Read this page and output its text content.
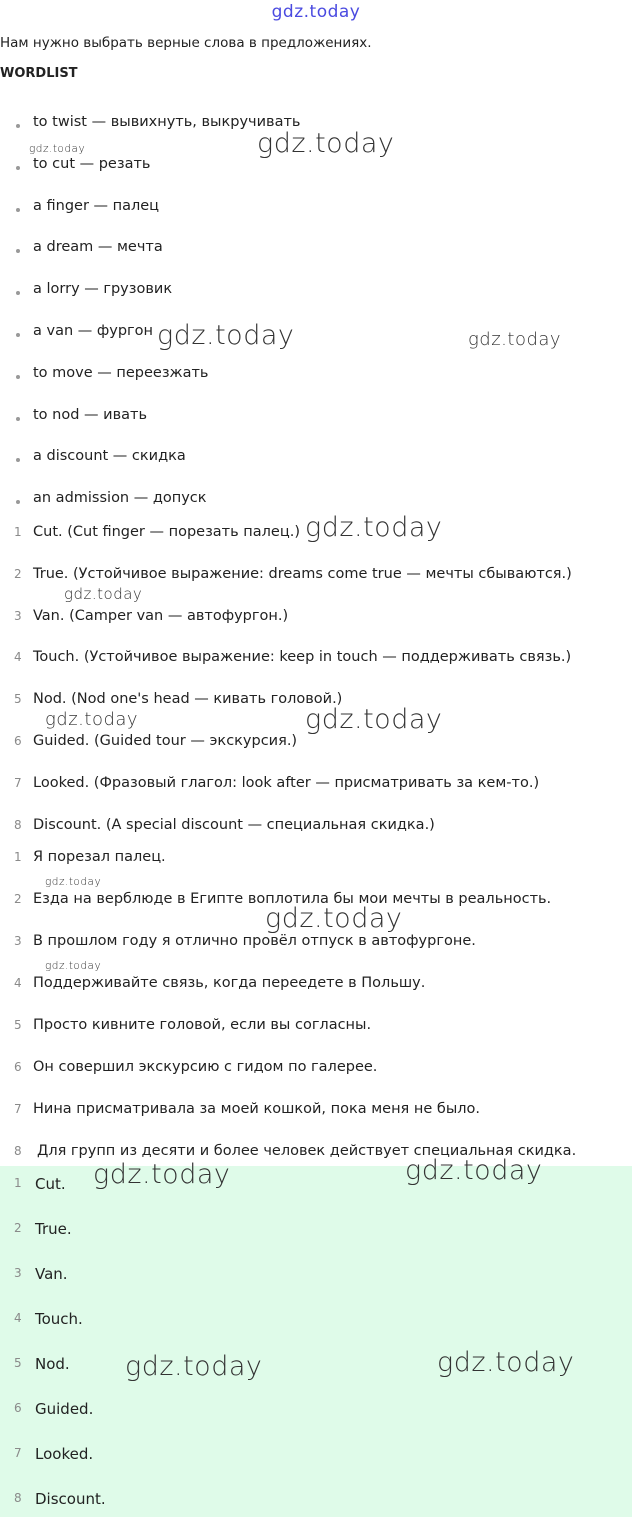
gdz.today
Нам нужно выбрать верные слова в предложениях.
WORDLIST
to twist — вывихнуть, выкручивать
to cut — резать
a finger — палец
a dream — мечта
a lorry — грузовик
a van — фургон
to move — переезжать
to nod — ивать
a discount — скидка
an admission — допуск
1 Cut. (Cut finger — порезать палец.)
2 True. (Устойчивое выражение: dreams come true — мечты сбываются.)
3 Van. (Camper van — автофургон.)
4 Touch. (Устойчивое выражение: keep in touch — поддерживать связь.)
5 Nod. (Nod one's head — кивать головой.)
6 Guided. (Guided tour — экскурсия.)
7 Looked. (Фразовый глагол: look after — присматривать за кем-то.)
8 Discount. (A special discount — специальная скидка.)
1 Я порезал палец.
2 Езда на верблюде в Египте воплотила бы мои мечты в реальность.
3 В прошлом году я отлично провёл отпуск в автофургоне.
4 Поддерживайте связь, когда переедете в Польшу.
5 Просто кивните головой, если вы согласны.
6 Он совершил экскурсию с гидом по галерее.
7 Нина присматривала за моей кошкой, пока меня не было.
8 Для групп из десяти и более человек действует специальная скидка.
1 Cut.
2 True.
3 Van.
4 Touch.
5 Nod.
6 Guided.
7 Looked.
8 Discount.
gdz.today	gdz.today
gdz.today	gdz.today
gdz.today
gdz.today
gdz.today	gdz.today
gdz.today
gdz.today
gdz.today
gdz.today	gdz.today
gdz.today	gdz.today
